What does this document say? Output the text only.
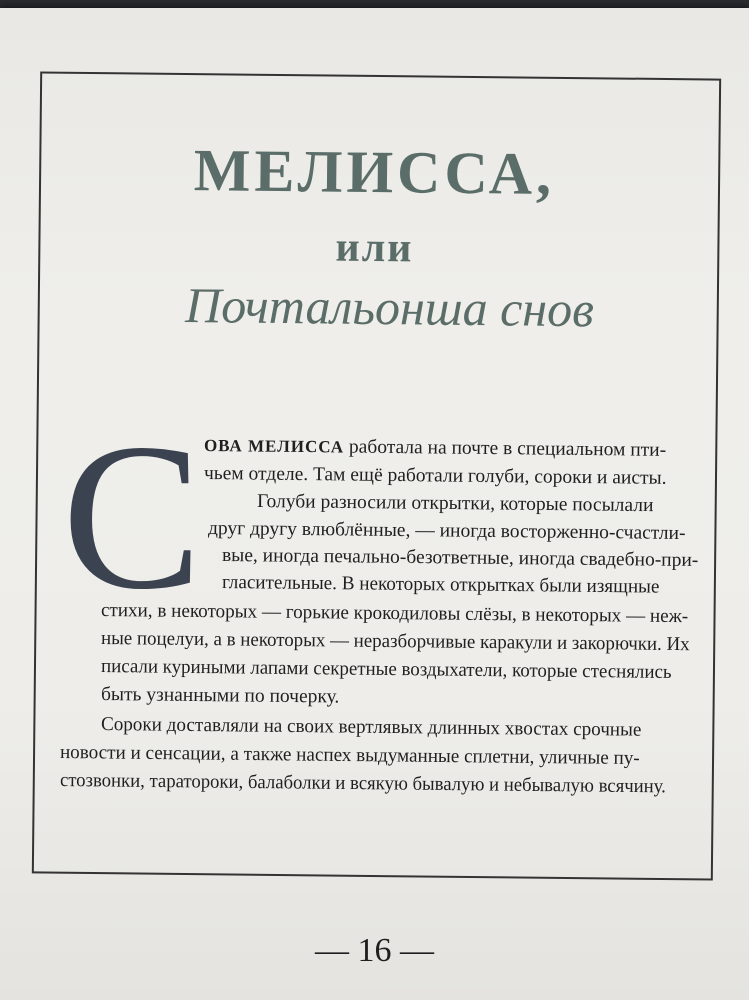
МЕЛИССА,
или
Почтальонша снов
С ОВА МЕЛИССА работала на почте в специальном пти-
чьем отделе. Там ещё работали голуби, сороки и аисты.
Голуби разносили открытки, которые посылали
друг другу влюблённые, — иногда восторженно-счастли-
вые, иногда печально-безответные, иногда свадебно-при-
гласительные. В некоторых открытках были изящные
стихи, в некоторых — горькие крокодиловы слёзы, в некоторых — неж-
ные поцелуи, а в некоторых — неразборчивые каракули и закорючки. Их
писали куриными лапами секретные воздыхатели, которые стеснялись
быть узнанными по почерку.
Сороки доставляли на своих вертлявых длинных хвостах срочные
новости и сенсации, а также наспех выдуманные сплетни, уличные пу-
стозвонки, таратороки, балаболки и всякую бывалую и небывалую всячину.
— 16 —
